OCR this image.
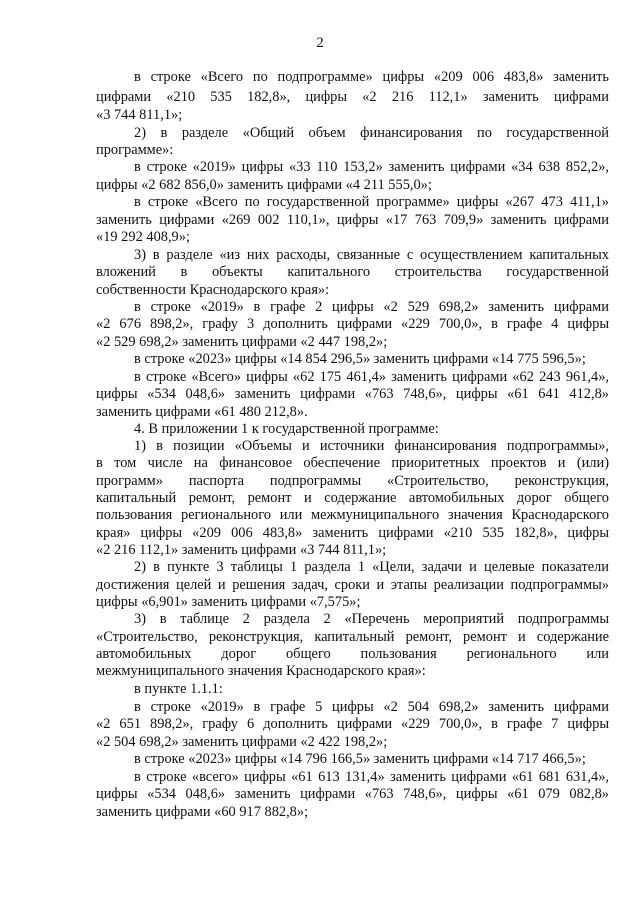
2
в строке «Всего по подпрограмме» цифры «209 006 483,8» заменить
цифрами «210 535 182,8», цифры «2 216 112,1» заменить цифрами
«3 744 811,1»;
2) в разделе «Общий объем финансирования по государственной
программе»:
в строке «2019» цифры «33 110 153,2» заменить цифрами «34 638 852,2»,
цифры «2 682 856,0» заменить цифрами «4 211 555,0»;
в строке «Всего по государственной программе» цифры «267 473 411,1»
заменить цифрами «269 002 110,1», цифры «17 763 709,9» заменить цифрами
«19 292 408,9»;
3) в разделе «из них расходы, связанные с осуществлением капитальных
вложений в объекты капитального строительства государственной
собственности Краснодарского края»:
в строке «2019» в графе 2 цифры «2 529 698,2» заменить цифрами
«2 676 898,2», графу 3 дополнить цифрами «229 700,0», в графе 4 цифры
«2 529 698,2» заменить цифрами «2 447 198,2»;
в строке «2023» цифры «14 854 296,5» заменить цифрами «14 775 596,5»;
в строке «Всего» цифры «62 175 461,4» заменить цифрами «62 243 961,4»,
цифры «534 048,6» заменить цифрами «763 748,6», цифры «61 641 412,8»
заменить цифрами «61 480 212,8».
4. В приложении 1 к государственной программе:
1) в позиции «Объемы и источники финансирования подпрограммы»,
в том числе на финансовое обеспечение приоритетных проектов и (или)
программ» паспорта подпрограммы «Строительство, реконструкция,
капитальный ремонт, ремонт и содержание автомобильных дорог общего
пользования регионального или межмуниципального значения Краснодарского
края» цифры «209 006 483,8» заменить цифрами «210 535 182,8», цифры
«2 216 112,1» заменить цифрами «3 744 811,1»;
2) в пункте 3 таблицы 1 раздела 1 «Цели, задачи и целевые показатели
достижения целей и решения задач, сроки и этапы реализации подпрограммы»
цифры «6,901» заменить цифрами «7,575»;
3) в таблице 2 раздела 2 «Перечень мероприятий подпрограммы
«Строительство, реконструкция, капитальный ремонт, ремонт и содержание
автомобильных дорог общего пользования регионального или
межмуниципального значения Краснодарского края»:
в пункте 1.1.1:
в строке «2019» в графе 5 цифры «2 504 698,2» заменить цифрами
«2 651 898,2», графу 6 дополнить цифрами «229 700,0», в графе 7 цифры
«2 504 698,2» заменить цифрами «2 422 198,2»;
в строке «2023» цифры «14 796 166,5» заменить цифрами «14 717 466,5»;
в строке «всего» цифры «61 613 131,4» заменить цифрами «61 681 631,4»,
цифры «534 048,6» заменить цифрами «763 748,6», цифры «61 079 082,8»
заменить цифрами «60 917 882,8»;
